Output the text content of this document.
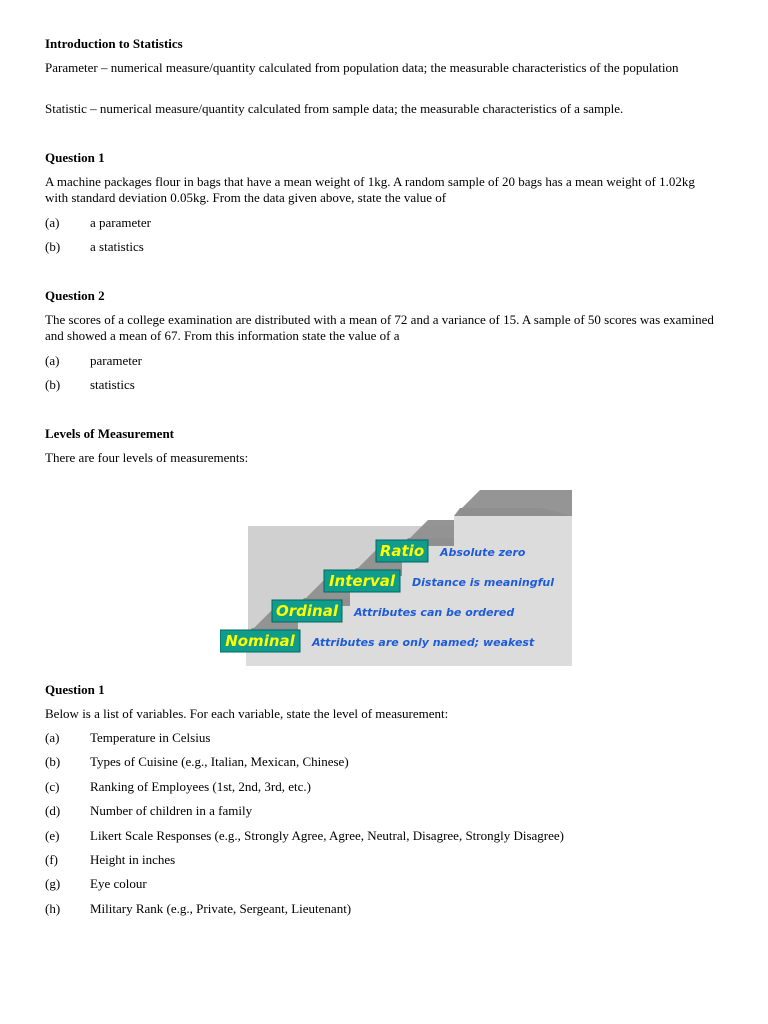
Introduction to Statistics
Parameter – numerical measure/quantity calculated from population data; the measurable characteristics of the population
Statistic – numerical measure/quantity calculated from sample data; the measurable characteristics of a sample.
Question 1
A machine packages flour in bags that have a mean weight of 1kg. A random sample of 20 bags has a mean weight of 1.02kg with standard deviation 0.05kg. From the data given above, state the value of
(a)	a parameter
(b)	a statistics
Question 2
The scores of a college examination are distributed with a mean of 72 and a variance of 15. A sample of 50 scores was examined and showed a mean of 67. From this information state the value of a
(a)	parameter
(b)	statistics
Levels of Measurement
There are four levels of measurements:
Question 1
Below is a list of variables. For each variable, state the level of measurement:
(a)	Temperature in Celsius
(b)	Types of Cuisine (e.g., Italian, Mexican, Chinese)
(c)	Ranking of Employees (1st, 2nd, 3rd, etc.)
(d)	Number of children in a family
(e)	Likert Scale Responses (e.g., Strongly Agree, Agree, Neutral, Disagree, Strongly Disagree)
(f)	Height in inches
(g)	Eye colour
(h)	Military Rank (e.g., Private, Sergeant, Lieutenant)
Nominal Attributes are only named; weakest
Ordinal Attributes can be ordered
Interval Distance is meaningful
Ratio Absolute zero
